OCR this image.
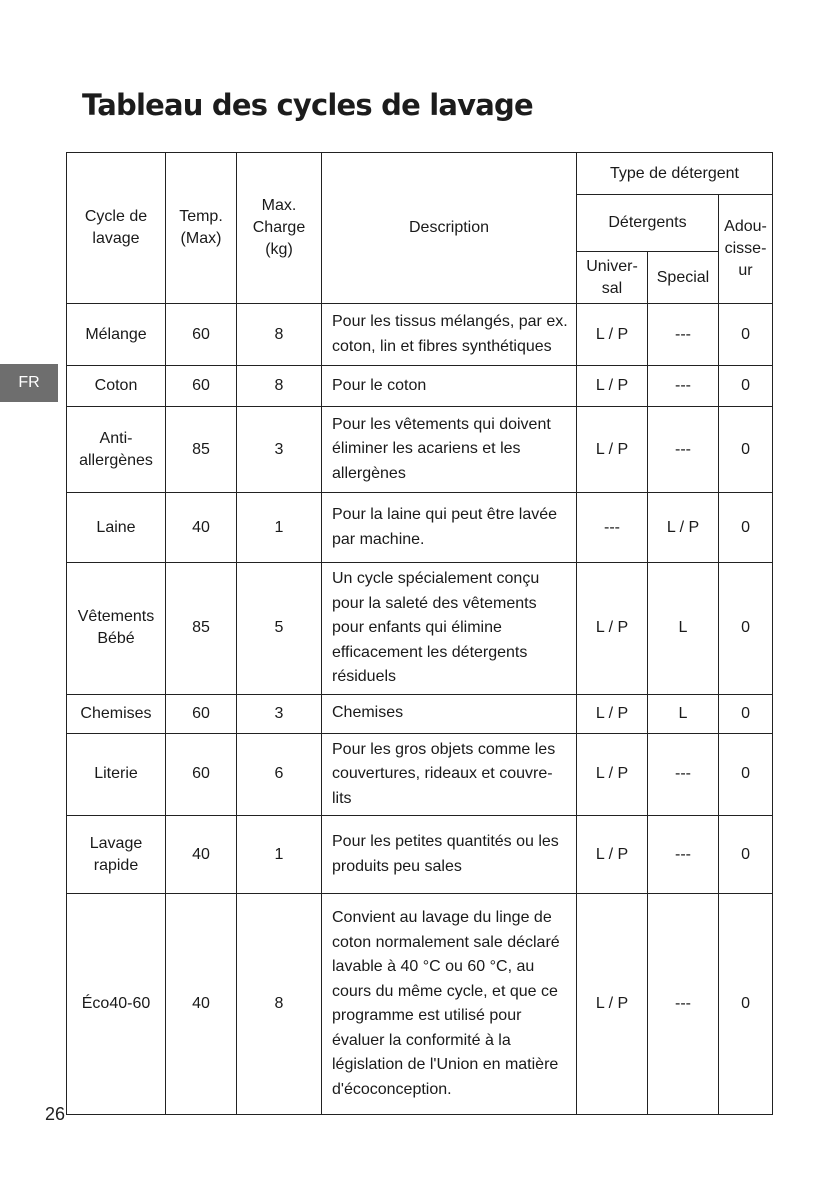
Tableau des cycles de lavage
FR
Cycle de lavage	Temp. (Max)	Max. Charge (kg)	Description	Type de détergent		
				Détergents		Adou-cisse-ur
				Univer-sal	Special	
Mélange	60	8	Pour les tissus mélangés, par ex. coton, lin et fibres synthétiques	L / P	---	0
Coton	60	8	Pour le coton	L / P	---	0
Anti-allergènes	85	3	Pour les vêtements qui doivent éliminer les acariens et les allergènes	L / P	---	0
Laine	40	1	Pour la laine qui peut être lavée par machine.	---	L / P	0
Vêtements Bébé	85	5	Un cycle spécialement conçu pour la saleté des vêtements pour enfants qui élimine efficacement les détergents résiduels	L / P	L	0
Chemises	60	3	Chemises	L / P	L	0
Literie	60	6	Pour les gros objets comme les couvertures, rideaux et couvre-lits	L / P	---	0
Lavage rapide	40	1	Pour les petites quantités ou les produits peu sales	L / P	---	0
Éco40-60	40	8	Convient au lavage du linge de coton normalement sale déclaré lavable à 40 °C ou 60 °C, au cours du même cycle, et que ce programme est utilisé pour évaluer la conformité à la législation de l'Union en matière d'écoconception.	L / P	---	0
26
